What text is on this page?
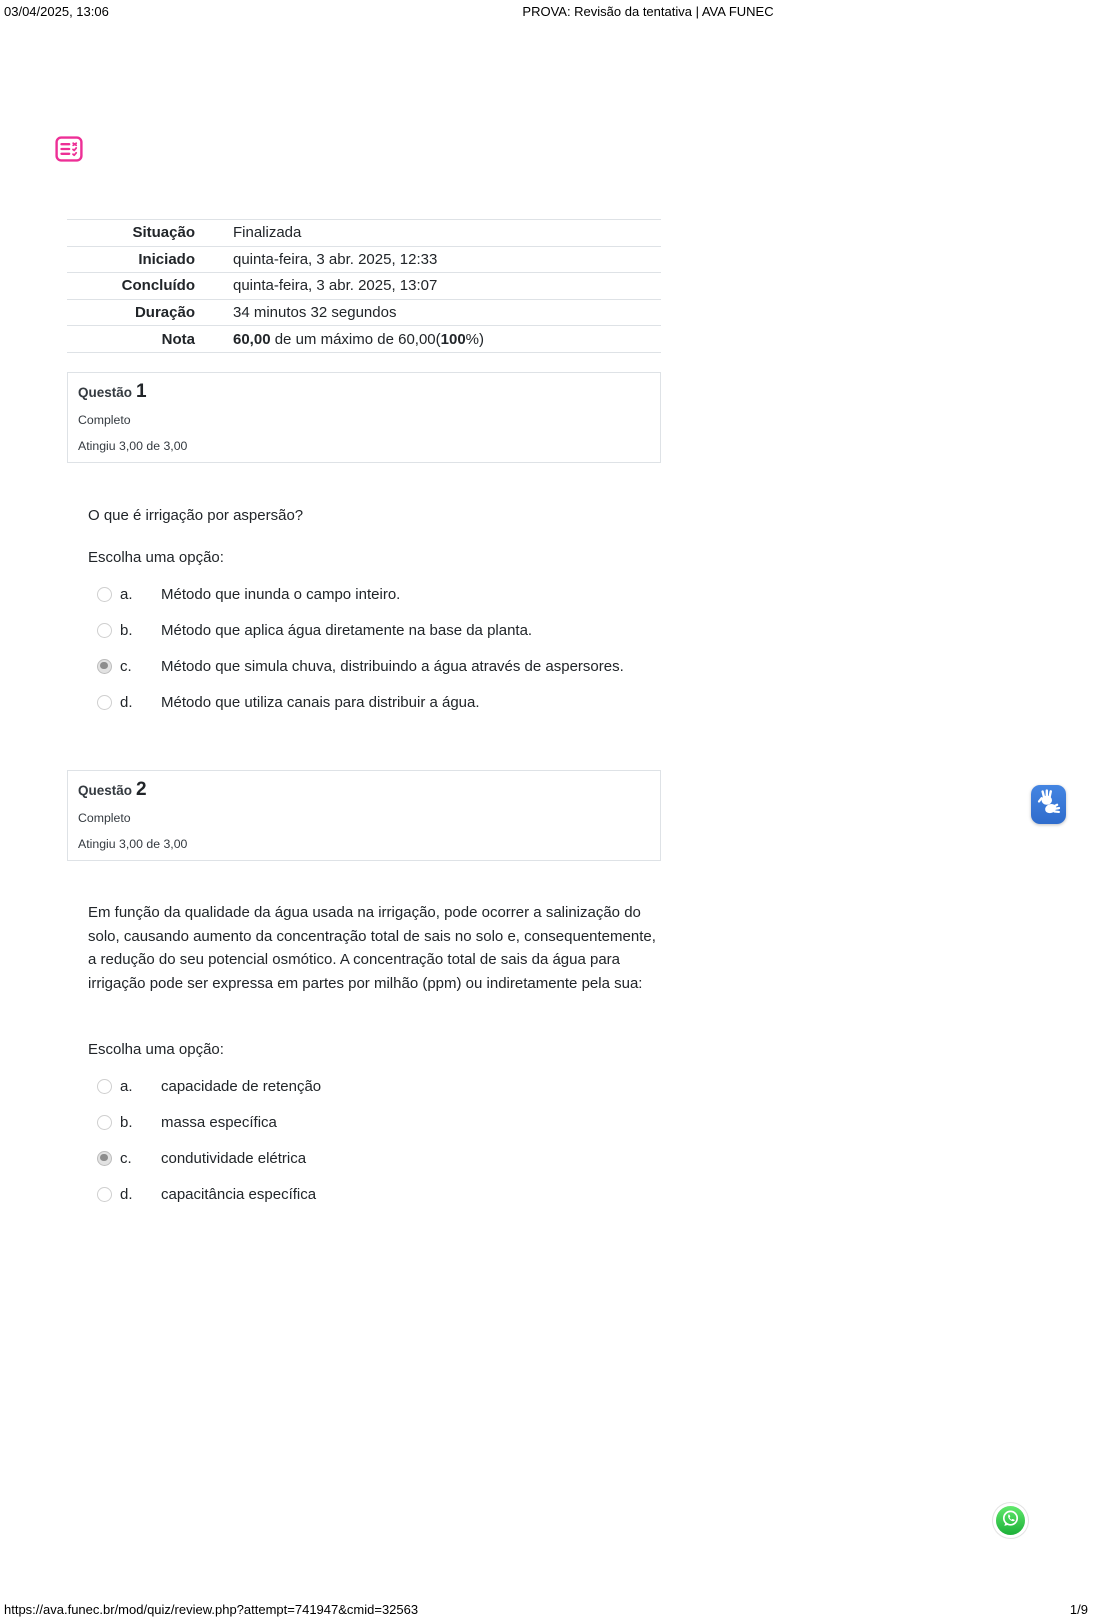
03/04/2025, 13:06	PROVA: Revisão da tentativa | AVA FUNEC
Situação	Finalizada
Iniciado	quinta-feira, 3 abr. 2025, 12:33
Concluído	quinta-feira, 3 abr. 2025, 13:07
Duração	34 minutos 32 segundos
Nota	60,00 de um máximo de 60,00(100%)
Questão 1
Completo
Atingiu 3,00 de 3,00
O que é irrigação por aspersão?
Escolha uma opção:
a.	Método que inunda o campo inteiro.
b.	Método que aplica água diretamente na base da planta.
c.	Método que simula chuva, distribuindo a água através de aspersores.
d.	Método que utiliza canais para distribuir a água.
Questão 2
Completo
Atingiu 3,00 de 3,00
Em função da qualidade da água usada na irrigação, pode ocorrer a salinização do solo, causando aumento da concentração total de sais no solo e, consequentemente, a redução do seu potencial osmótico. A concentração total de sais da água para irrigação pode ser expressa em partes por milhão (ppm) ou indiretamente pela sua:
Escolha uma opção:
a.	capacidade de retenção
b.	massa específica
c.	condutividade elétrica
d.	capacitância específica
https://ava.funec.br/mod/quiz/review.php?attempt=741947&cmid=32563	1/9
